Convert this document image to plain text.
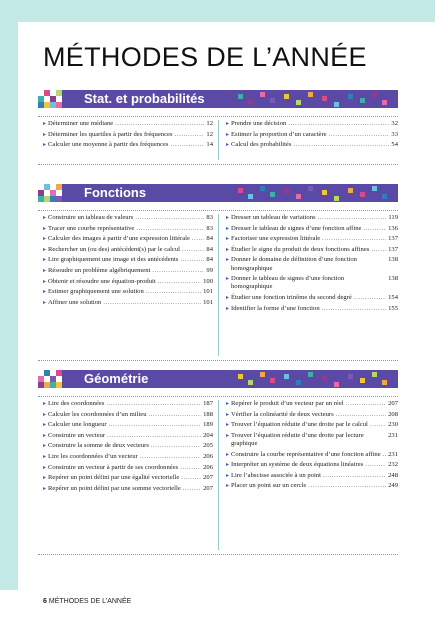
MÉTHODES DE L’ANNÉE
Stat. et probabilités
▸ Déterminer une médiane .....	12
▸ Déterminer les quartiles à partir des fréquences .....	12
▸ Calculer une moyenne à partir des fréquences .....	14
▸ Prendre une décision .....	32
▸ Estimer la proportion d’un caractère .....	33
▸ Calcul des probabilités .....	54
Fonctions
▸ Construire un tableau de valeurs .....	83
▸ Tracer une courbe représentative .....	83
▸ Calculer des images à partir d’une expression littérale .....	84
▸ Rechercher un (ou des) antécédent(s) par le calcul .....	84
▸ Lire graphiquement une image et des antécédents .....	84
▸ Résoudre un problème algébriquement .....	99
▸ Obtenir et résoudre une équation-produit .....	100
▸ Estimer graphiquement une solution .....	101
▸ Affiner une solution .....	101
▸ Dresser un tableau de variations .....	119
▸ Dresser le tableau de signes d’une fonction affine .....	136
▸ Factoriser une expression littérale .....	137
▸ Étudier le signe du produit de deux fonctions affines .....	137
▸ Donner le domaine de définition d’une fonction homographique
138
▸ Donner le tableau de signes d’une fonction homographique
138
▸ Étudier une fonction trinôme du second degré .....	154
▸ Identifier la forme d’une fonction .....	155
Géométrie
▸ Lire des coordonnées .....	187
▸ Calculer les coordonnées d’un milieu .....	188
▸ Calculer une longueur .....	189
▸ Construire un vecteur .....	204
▸ Construire la somme de deux vecteurs .....	205
▸ Lire les coordonnées d’un vecteur .....	206
▸ Construire un vecteur à partir de ses coordonnées .....	206
▸ Repérer un point défini par une égalité vectorielle .....	207
▸ Repérer un point défini par une somme vectorielle .....	207
▸ Repérer le produit d’un vecteur par un réel .....	207
▸ Vérifier la colinéarité de deux vecteurs .....	208
▸ Trouver l’équation réduite d’une droite par le calcul .....	230
▸ Trouver l’équation réduite d’une droite par lecture graphique
231
▸ Construire la courbe représentative d’une fonction affine ..... 231
▸ Interpréter un système de deux équations linéaires .....	232
▸ Lire l’abscisse associée à un point .....	248
▸ Placer un point sur un cercle .....	249
6 MÉTHODES DE L’ANNÉE
